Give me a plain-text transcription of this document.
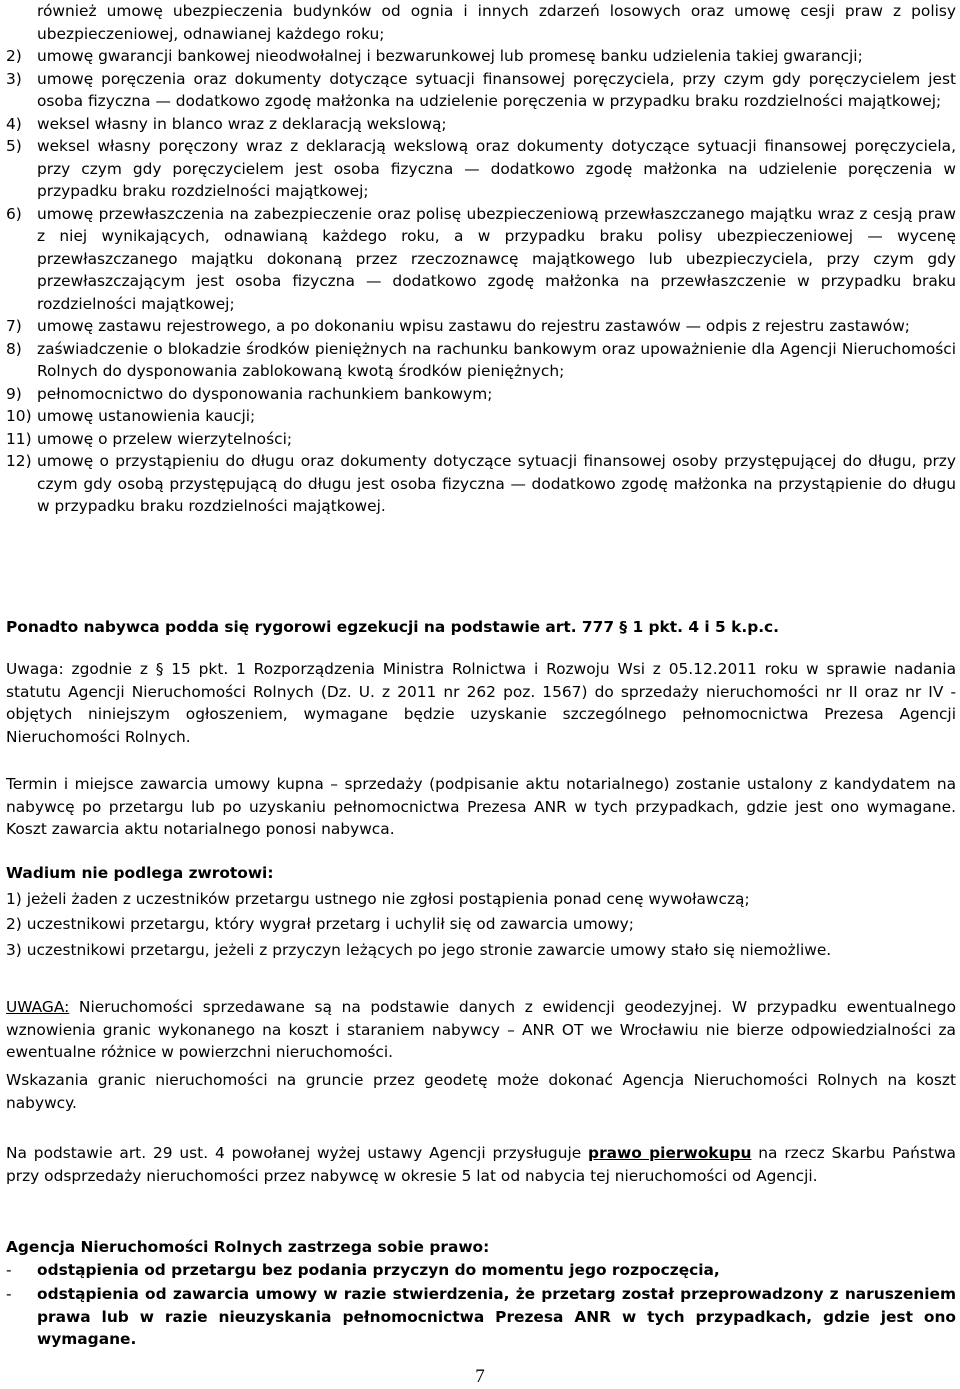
również umowę ubezpieczenia budynków od ognia i innych zdarzeń losowych oraz umowę cesji praw z polisy ubezpieczeniowej, odnawianej każdego roku;
2) umowę gwarancji bankowej nieodwołalnej i bezwarunkowej lub promesę banku udzielenia takiej gwarancji;
3) umowę poręczenia oraz dokumenty dotyczące sytuacji finansowej poręczyciela, przy czym gdy poręczycielem jest osoba fizyczna — dodatkowo zgodę małżonka na udzielenie poręczenia w przypadku braku rozdzielności majątkowej;
4) weksel własny in blanco wraz z deklaracją wekslową;
5) weksel własny poręczony wraz z deklaracją wekslową oraz dokumenty dotyczące sytuacji finansowej poręczyciela, przy czym gdy poręczycielem jest osoba fizyczna — dodatkowo zgodę małżonka na udzielenie poręczenia w przypadku braku rozdzielności majątkowej;
6) umowę przewłaszczenia na zabezpieczenie oraz polisę ubezpieczeniową przewłaszczanego majątku wraz z cesją praw z niej wynikających, odnawianą każdego roku, a w przypadku braku polisy ubezpieczeniowej — wycenę przewłaszczanego majątku dokonaną przez rzeczoznawcę majątkowego lub ubezpieczyciela, przy czym gdy przewłaszczającym jest osoba fizyczna — dodatkowo zgodę małżonka na przewłaszczenie w przypadku braku rozdzielności majątkowej;
7) umowę zastawu rejestrowego, a po dokonaniu wpisu zastawu do rejestru zastawów — odpis z rejestru zastawów;
8) zaświadczenie o blokadzie środków pieniężnych na rachunku bankowym oraz upoważnienie dla Agencji Nieruchomości Rolnych do dysponowania zablokowaną kwotą środków pieniężnych;
9) pełnomocnictwo do dysponowania rachunkiem bankowym;
10) umowę ustanowienia kaucji;
11) umowę o przelew wierzytelności;
12) umowę o przystąpieniu do długu oraz dokumenty dotyczące sytuacji finansowej osoby przystępującej do długu, przy czym gdy osobą przystępującą do długu jest osoba fizyczna — dodatkowo zgodę małżonka na przystąpienie do długu w przypadku braku rozdzielności majątkowej.
Ponadto nabywca podda się rygorowi egzekucji na podstawie art. 777 § 1 pkt. 4 i 5 k.p.c.
Uwaga: zgodnie z § 15 pkt. 1 Rozporządzenia Ministra Rolnictwa i Rozwoju Wsi z 05.12.2011 roku w sprawie nadania statutu Agencji Nieruchomości Rolnych (Dz. U. z 2011 nr 262 poz. 1567) do sprzedaży nieruchomości nr II oraz nr IV - objętych niniejszym ogłoszeniem, wymagane będzie uzyskanie szczególnego pełnomocnictwa Prezesa Agencji Nieruchomości Rolnych.
Termin i miejsce zawarcia umowy kupna – sprzedaży (podpisanie aktu notarialnego) zostanie ustalony z kandydatem na nabywcę po przetargu lub po uzyskaniu pełnomocnictwa Prezesa ANR w tych przypadkach, gdzie jest ono wymagane. Koszt zawarcia aktu notarialnego ponosi nabywca.
Wadium nie podlega zwrotowi:
1) jeżeli żaden z uczestników przetargu ustnego nie zgłosi postąpienia ponad cenę wywoławczą;
2) uczestnikowi przetargu, który wygrał przetarg i uchylił się od zawarcia umowy;
3) uczestnikowi przetargu, jeżeli z przyczyn leżących po jego stronie zawarcie umowy stało się niemożliwe.
UWAGA: Nieruchomości sprzedawane są na podstawie danych z ewidencji geodezyjnej. W przypadku ewentualnego wznowienia granic wykonanego na koszt i staraniem nabywcy – ANR OT we Wrocławiu nie bierze odpowiedzialności za ewentualne różnice w powierzchni nieruchomości.
Wskazania granic nieruchomości na gruncie przez geodetę może dokonać Agencja Nieruchomości Rolnych na koszt nabywcy.
Na podstawie art. 29 ust. 4 powołanej wyżej ustawy Agencji przysługuje prawo pierwokupu na rzecz Skarbu Państwa przy odsprzedaży nieruchomości przez nabywcę w okresie 5 lat od nabycia tej nieruchomości od Agencji.
Agencja Nieruchomości Rolnych zastrzega sobie prawo:
- odstąpienia od przetargu bez podania przyczyn do momentu jego rozpoczęcia,
- odstąpienia od zawarcia umowy w razie stwierdzenia, że przetarg został przeprowadzony z naruszeniem prawa lub w razie nieuzyskania pełnomocnictwa Prezesa ANR w tych przypadkach, gdzie jest ono wymagane.
7
